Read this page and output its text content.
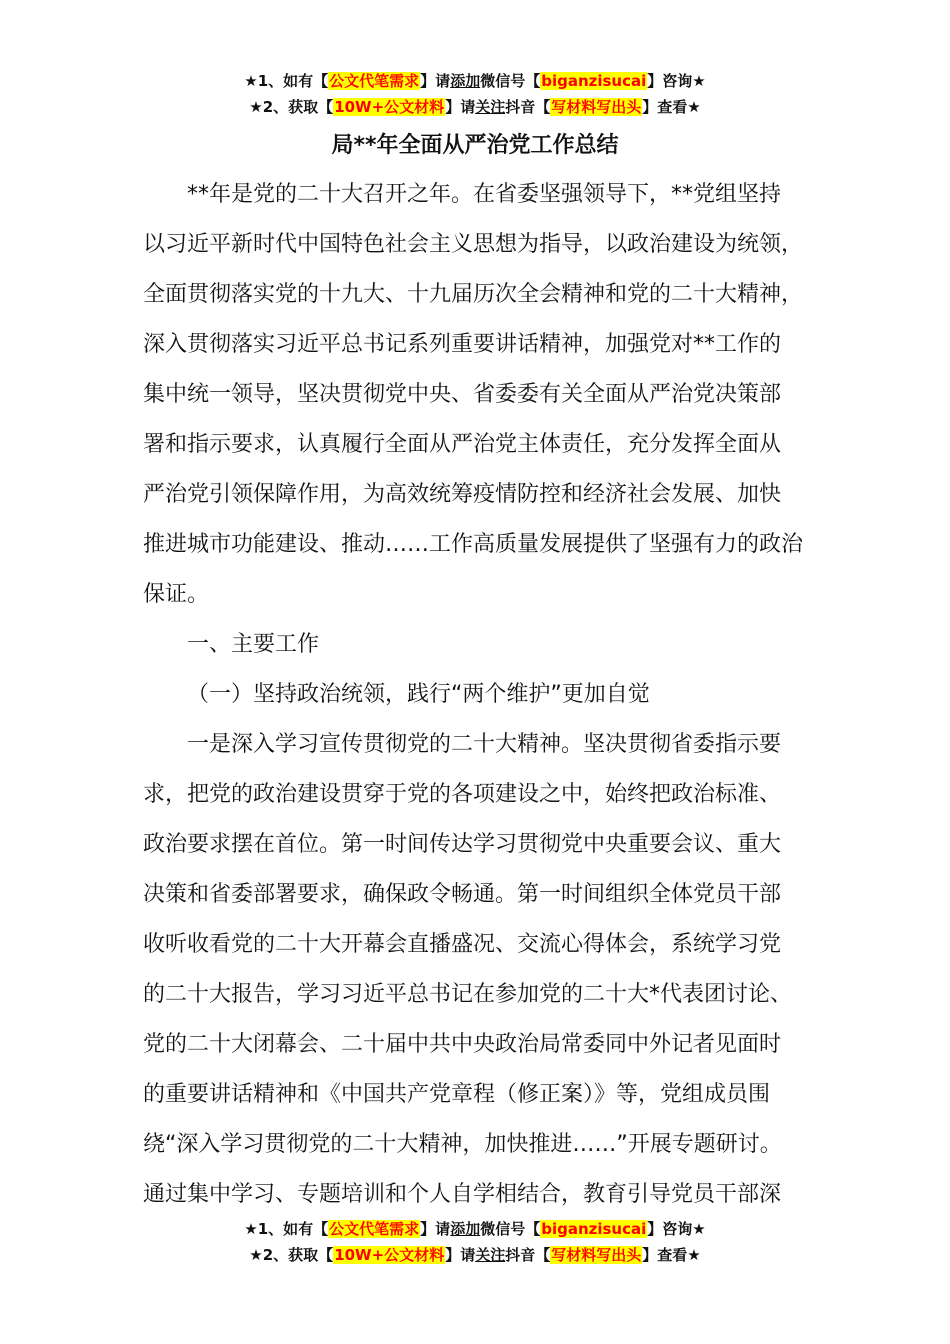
★1、如有【公文代笔需求】请添加微信号【biganzisucai】咨询★
★2、获取【10W+公文材料】请关注抖音【写材料写出头】查看★
局**年全面从严治党工作总结
**年是党的二十大召开之年。在省委坚强领导下，**党组坚持
以习近平新时代中国特色社会主义思想为指导，以政治建设为统领，
全面贯彻落实党的十九大、十九届历次全会精神和党的二十大精神，
深入贯彻落实习近平总书记系列重要讲话精神，加强党对**工作的
集中统一领导，坚决贯彻党中央、省委委有关全面从严治党决策部
署和指示要求，认真履行全面从严治党主体责任，充分发挥全面从
严治党引领保障作用，为高效统筹疫情防控和经济社会发展、加快
推进城市功能建设、推动……工作高质量发展提供了坚强有力的政治
保证。
一、主要工作
（一）坚持政治统领，践行“两个维护”更加自觉
一是深入学习宣传贯彻党的二十大精神。坚决贯彻省委指示要
求，把党的政治建设贯穿于党的各项建设之中，始终把政治标准、
政治要求摆在首位。第一时间传达学习贯彻党中央重要会议、重大
决策和省委部署要求，确保政令畅通。第一时间组织全体党员干部
收听收看党的二十大开幕会直播盛况、交流心得体会，系统学习党
的二十大报告，学习习近平总书记在参加党的二十大*代表团讨论、
党的二十大闭幕会、二十届中共中央政治局常委同中外记者见面时
的重要讲话精神和《中国共产党章程（修正案）》等，党组成员围
绕“深入学习贯彻党的二十大精神，加快推进……”开展专题研讨。
通过集中学习、专题培训和个人自学相结合，教育引导党员干部深
★1、如有【公文代笔需求】请添加微信号【biganzisucai】咨询★
★2、获取【10W+公文材料】请关注抖音【写材料写出头】查看★
